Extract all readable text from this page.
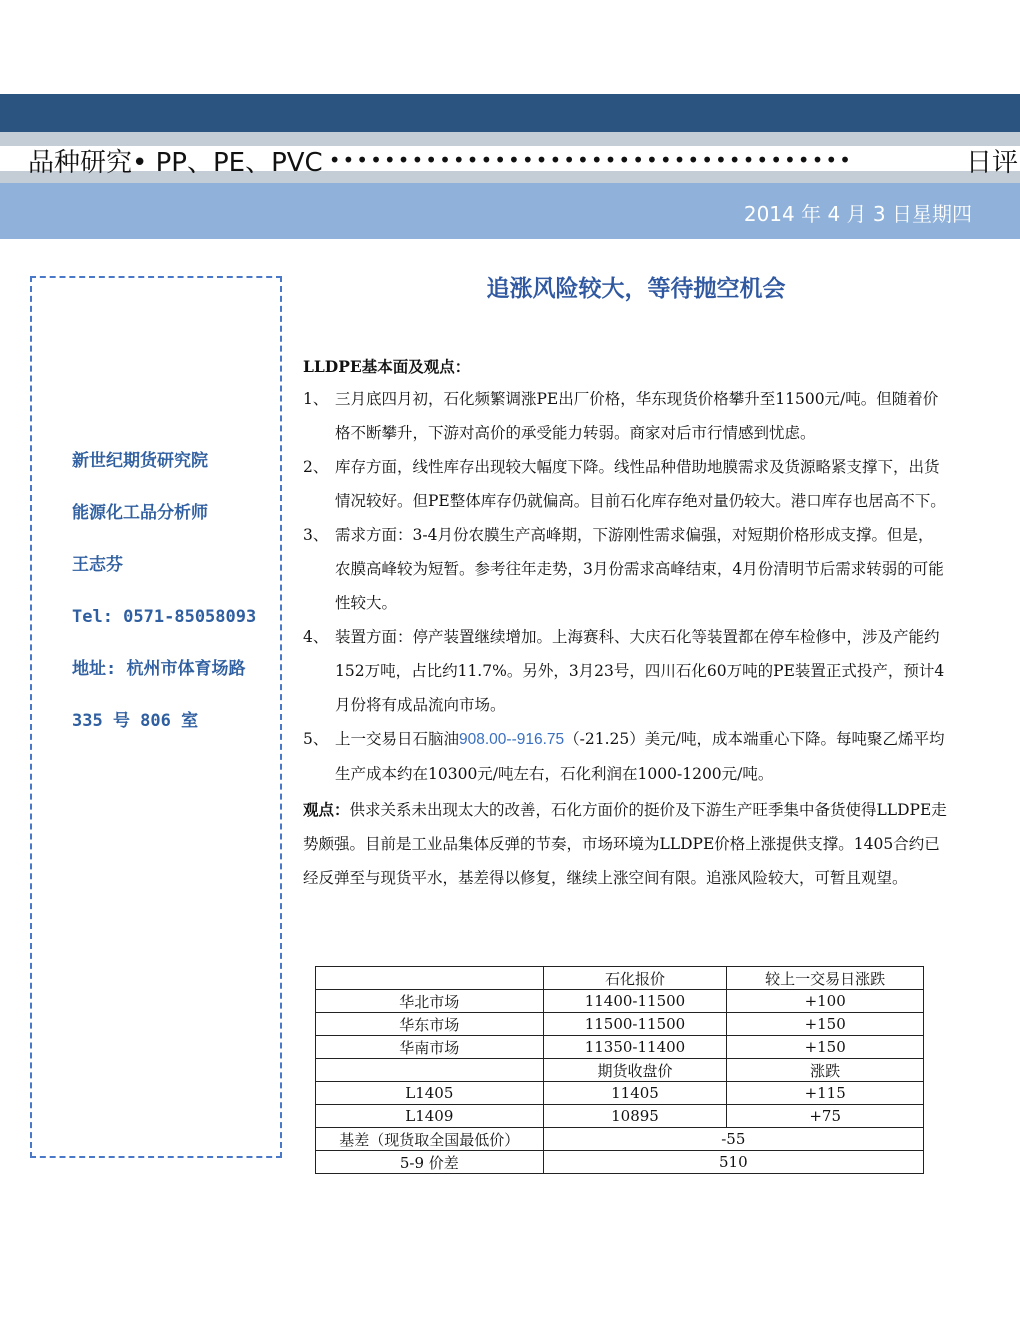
品种研究• PP、PE、PVC ••••••••••••••••••••••••••••••••••••••	日评
2014 年 4 月 3 日星期四
新世纪期货研究院
能源化工品分析师
王志芬
Tel: 0571-85058093
地址: 杭州市体育场路
335 号 806 室
追涨风险较大，等待抛空机会
LLDPE基本面及观点：
1、 三月底四月初，石化频繁调涨PE出厂价格，华东现货价格攀升至11500元/吨。但随着价格不断攀升，下游对高价的承受能力转弱。商家对后市行情感到忧虑。
2、 库存方面，线性库存出现较大幅度下降。线性品种借助地膜需求及货源略紧支撑下，出货情况较好。但PE整体库存仍就偏高。目前石化库存绝对量仍较大。港口库存也居高不下。
3、 需求方面：3-4月份农膜生产高峰期，下游刚性需求偏强，对短期价格形成支撑。但是，农膜高峰较为短暂。参考往年走势，3月份需求高峰结束，4月份清明节后需求转弱的可能性较大。
4、 装置方面：停产装置继续增加。上海赛科、大庆石化等装置都在停车检修中，涉及产能约152万吨，占比约11.7%。另外，3月23号，四川石化60万吨的PE装置正式投产，预计4月份将有成品流向市场。
5、 上一交易日石脑油908.00--916.75（-21.25）美元/吨，成本端重心下降。每吨聚乙烯平均生产成本约在10300元/吨左右，石化利润在1000-1200元/吨。
观点：供求关系未出现太大的改善，石化方面价的挺价及下游生产旺季集中备货使得LLDPE走势颇强。目前是工业品集体反弹的节奏，市场环境为LLDPE价格上涨提供支撑。1405合约已经反弹至与现货平水，基差得以修复，继续上涨空间有限。追涨风险较大，可暂且观望。
	石化报价	较上一交易日涨跌
华北市场	11400-11500	+100
华东市场	11500-11500	+150
华南市场	11350-11400	+150
	期货收盘价	涨跌
L1405	11405	+115
L1409	10895	+75
基差（现货取全国最低价）	-55	
5-9 价差	510	
